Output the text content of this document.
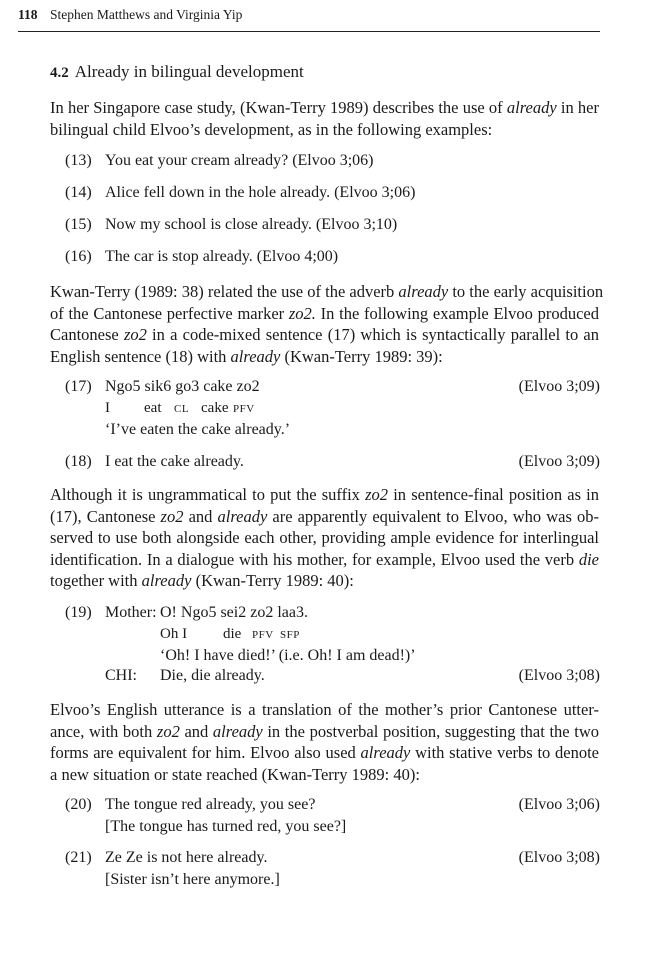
118 Stephen Matthews and Virginia Yip
4.2 Already in bilingual development
In her Singapore case study, (Kwan-Terry 1989) describes the use of already in her
bilingual child Elvoo’s development, as in the following examples:
(13) You eat your cream already? (Elvoo 3;06)
(14) Alice fell down in the hole already. (Elvoo 3;06)
(15) Now my school is close already. (Elvoo 3;10)
(16) The car is stop already. (Elvoo 4;00)
Kwan-Terry (1989: 38) related the use of the adverb already to the early acquisition
of the Cantonese perfective marker zo2. In the following example Elvoo produced
Cantonese zo2 in a code-mixed sentence (17) which is syntactically parallel to an
English sentence (18) with already (Kwan-Terry 1989: 39):
(17) Ngo5 sik6 go3 cake zo2	(Elvoo 3;09)
I eat CL cake PFV
‘I’ve eaten the cake already.’
(18) I eat the cake already.	(Elvoo 3;09)
Although it is ungrammatical to put the suffix zo2 in sentence-final position as in
(17), Cantonese zo2 and already are apparently equivalent to Elvoo, who was ob-
served to use both alongside each other, providing ample evidence for interlingual
identification. In a dialogue with his mother, for example, Elvoo used the verb die
together with already (Kwan-Terry 1989: 40):
(19) Mother: O! Ngo5 sei2 zo2 laa3.
Oh I die PFV SFP
‘Oh! I have died!’ (i.e. Oh! I am dead!)’
CHI: Die, die already.	(Elvoo 3;08)
Elvoo’s English utterance is a translation of the mother’s prior Cantonese utter-
ance, with both zo2 and already in the postverbal position, suggesting that the two
forms are equivalent for him. Elvoo also used already with stative verbs to denote
a new situation or state reached (Kwan-Terry 1989: 40):
(20) The tongue red already, you see?	(Elvoo 3;06)
[The tongue has turned red, you see?]
(21) Ze Ze is not here already.	(Elvoo 3;08)
[Sister isn’t here anymore.]
